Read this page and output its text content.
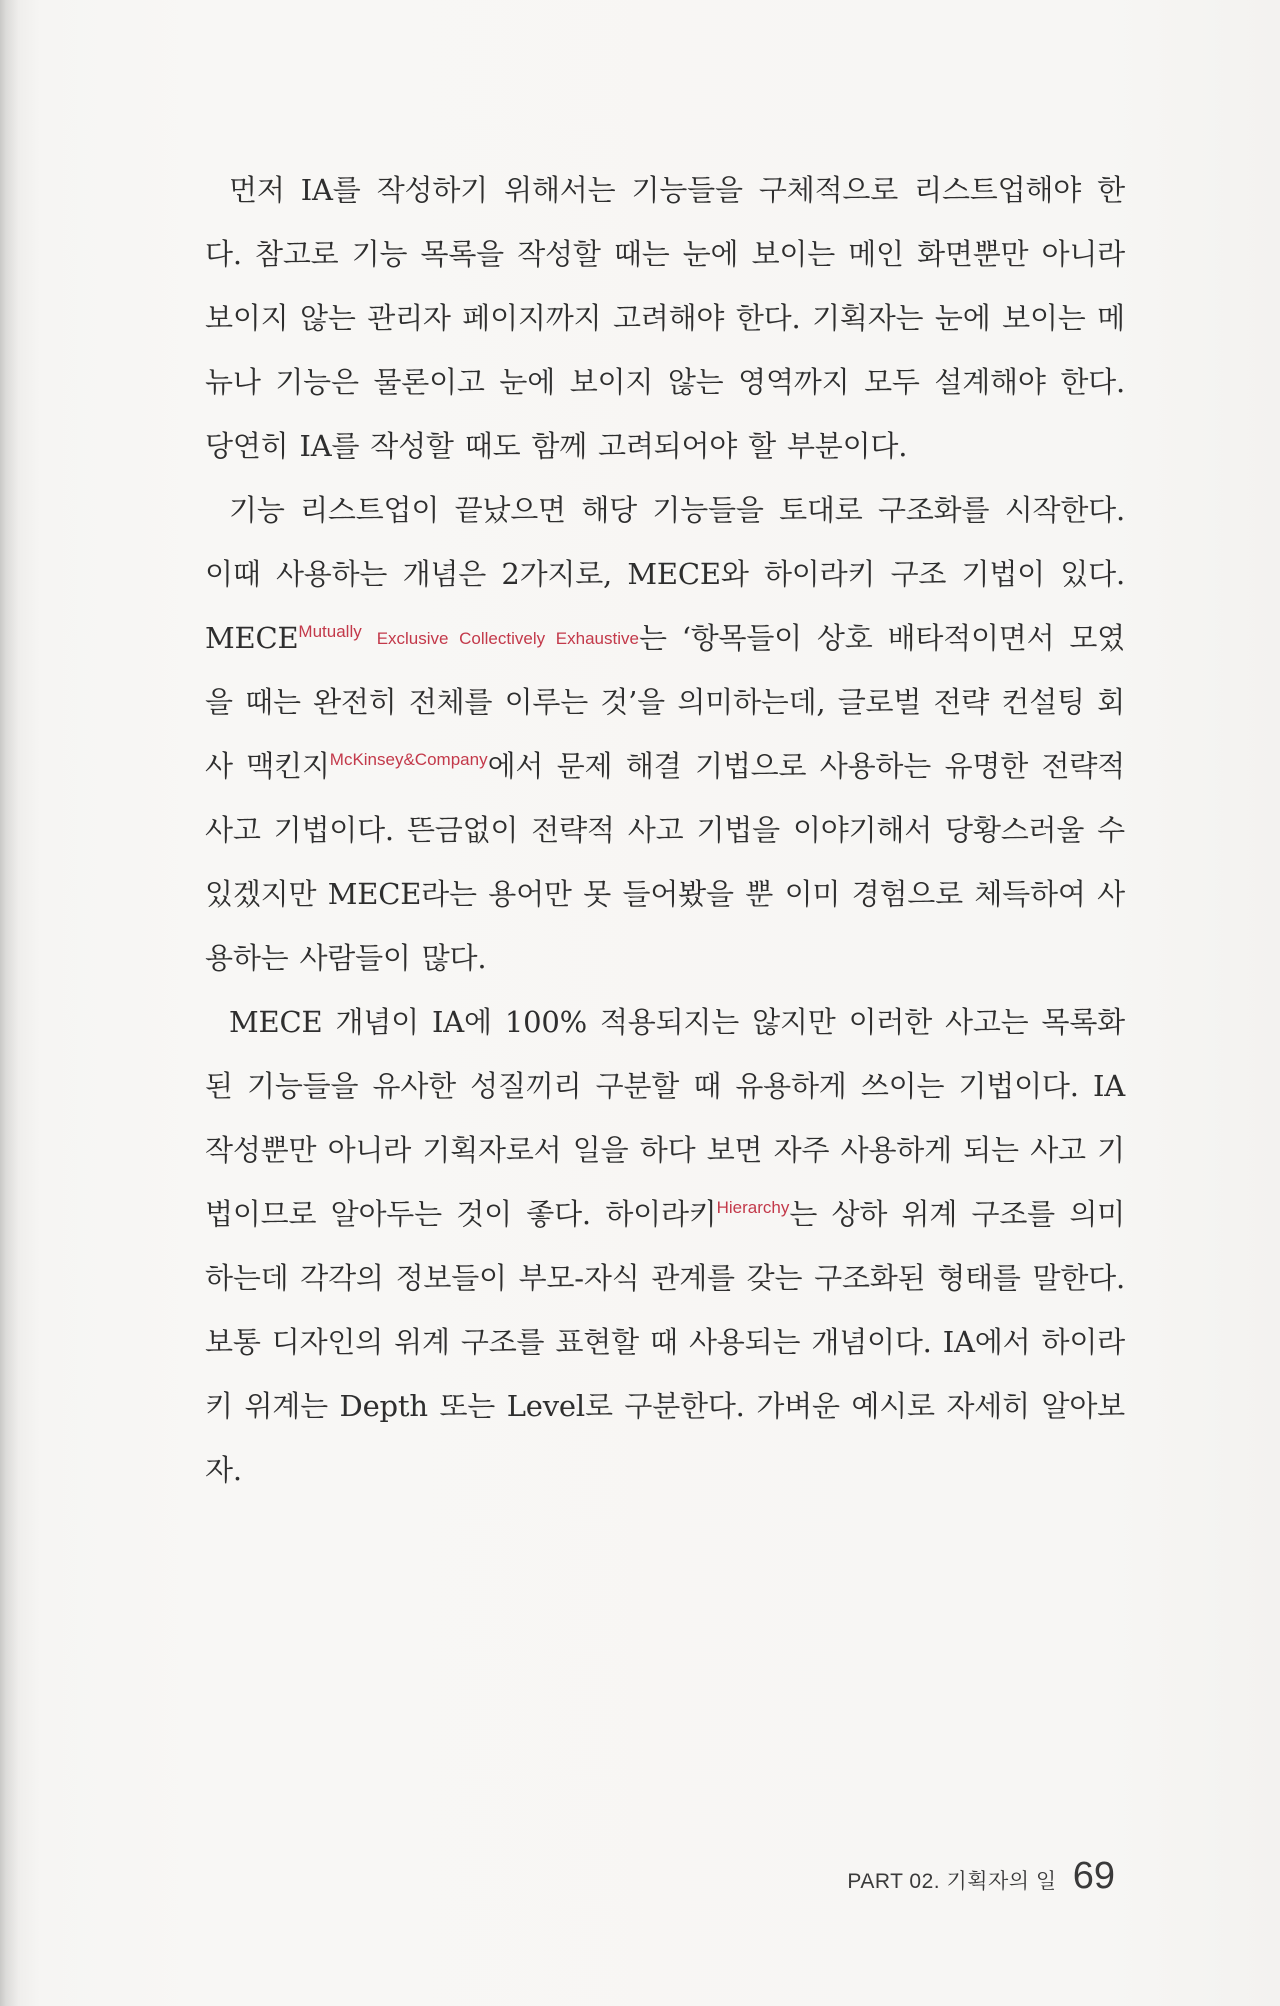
먼저 IA를 작성하기 위해서는 기능들을 구체적으로 리스트업해야 한다. 참고로 기능 목록을 작성할 때는 눈에 보이는 메인 화면뿐만 아니라 보이지 않는 관리자 페이지까지 고려해야 한다. 기획자는 눈에 보이는 메뉴나 기능은 물론이고 눈에 보이지 않는 영역까지 모두 설계해야 한다. 당연히 IA를 작성할 때도 함께 고려되어야 할 부분이다.

기능 리스트업이 끝났으면 해당 기능들을 토대로 구조화를 시작한다. 이때 사용하는 개념은 2가지로, MECE와 하이라키 구조 기법이 있다. $MECE^{Mutually}$ Exclusive Collectively Exhaustive는 ‘항목들이 상호 배타적이면서 모였을 때는 완전히 전체를 이루는 것’을 의미하는데, 글로벌 전략 컨설팅 회사 맥킨지$^{McKinsey\&Company}$에서 문제 해결 기법으로 사용하는 유명한 전략적 사고 기법이다. 뜬금없이 전략적 사고 기법을 이야기해서 당황스러울 수 있겠지만 MECE라는 용어만 못 들어봤을 뿐 이미 경험으로 체득하여 사용하는 사람들이 많다.

MECE 개념이 IA에 100% 적용되지는 않지만 이러한 사고는 목록화된 기능들을 유사한 성질끼리 구분할 때 유용하게 쓰이는 기법이다. IA 작성뿐만 아니라 기획자로서 일을 하다 보면 자주 사용하게 되는 사고 기법이므로 알아두는 것이 좋다. 하이라키$^{Hierarchy}$는 상하 위계 구조를 의미하는데 각각의 정보들이 부모-자식 관계를 갖는 구조화된 형태를 말한다. 보통 디자인의 위계 구조를 표현할 때 사용되는 개념이다. IA에서 하이라키 위계는 Depth 또는 Level로 구분한다. 가벼운 예시로 자세히 알아보자.

PART 02. 기획자의 일 69
